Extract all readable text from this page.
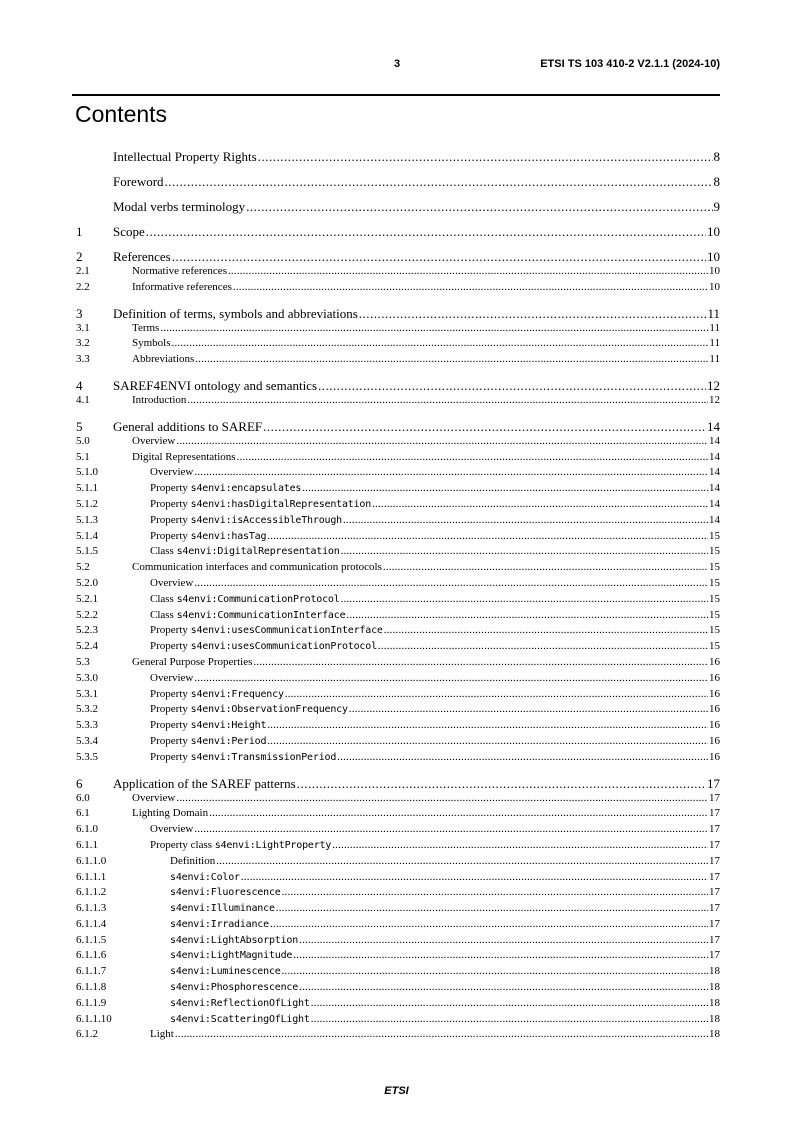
3	ETSI TS 103 410-2 V2.1.1 (2024-10)
Contents
Intellectual Property Rights .....	8
Foreword .....	8
Modal verbs terminology .....	9
1	Scope .....	10
2	References .....	10
2.1	Normative references .....	10
2.2	Informative references .....	10
3	Definition of terms, symbols and abbreviations .....	11
3.1	Terms .....	11
3.2	Symbols .....	11
3.3	Abbreviations .....	11
4	SAREF4ENVI ontology and semantics .....	12
4.1	Introduction .....	12
5	General additions to SAREF .....	14
5.0	Overview .....	14
5.1	Digital Representations .....	14
5.1.0	Overview .....	14
5.1.1	Property s4envi:encapsulates .....	14
5.1.2	Property s4envi:hasDigitalRepresentation .....	14
5.1.3	Property s4envi:isAccessibleThrough .....	14
5.1.4	Property s4envi:hasTag .....	15
5.1.5	Class s4envi:DigitalRepresentation .....	15
5.2	Communication interfaces and communication protocols .....	15
5.2.0	Overview .....	15
5.2.1	Class s4envi:CommunicationProtocol .....	15
5.2.2	Class s4envi:CommunicationInterface .....	15
5.2.3	Property s4envi:usesCommunicationInterface .....	15
5.2.4	Property s4envi:usesCommunicationProtocol .....	15
5.3	General Purpose Properties .....	16
5.3.0	Overview .....	16
5.3.1	Property s4envi:Frequency .....	16
5.3.2	Property s4envi:ObservationFrequency .....	16
5.3.3	Property s4envi:Height .....	16
5.3.4	Property s4envi:Period .....	16
5.3.5	Property s4envi:TransmissionPeriod .....	16
6	Application of the SAREF patterns .....	17
6.0	Overview .....	17
6.1	Lighting Domain .....	17
6.1.0	Overview .....	17
6.1.1	Property class s4envi:LightProperty .....	17
6.1.1.0	Definition .....	17
6.1.1.1	s4envi:Color .....	17
6.1.1.2	s4envi:Fluorescence .....	17
6.1.1.3	s4envi:Illuminance .....	17
6.1.1.4	s4envi:Irradiance .....	17
6.1.1.5	s4envi:LightAbsorption .....	17
6.1.1.6	s4envi:LightMagnitude .....	17
6.1.1.7	s4envi:Luminescence .....	18
6.1.1.8	s4envi:Phosphorescence .....	18
6.1.1.9	s4envi:ReflectionOfLight .....	18
6.1.1.10	s4envi:ScatteringOfLight .....	18
6.1.2	Light .....	18
ETSI
